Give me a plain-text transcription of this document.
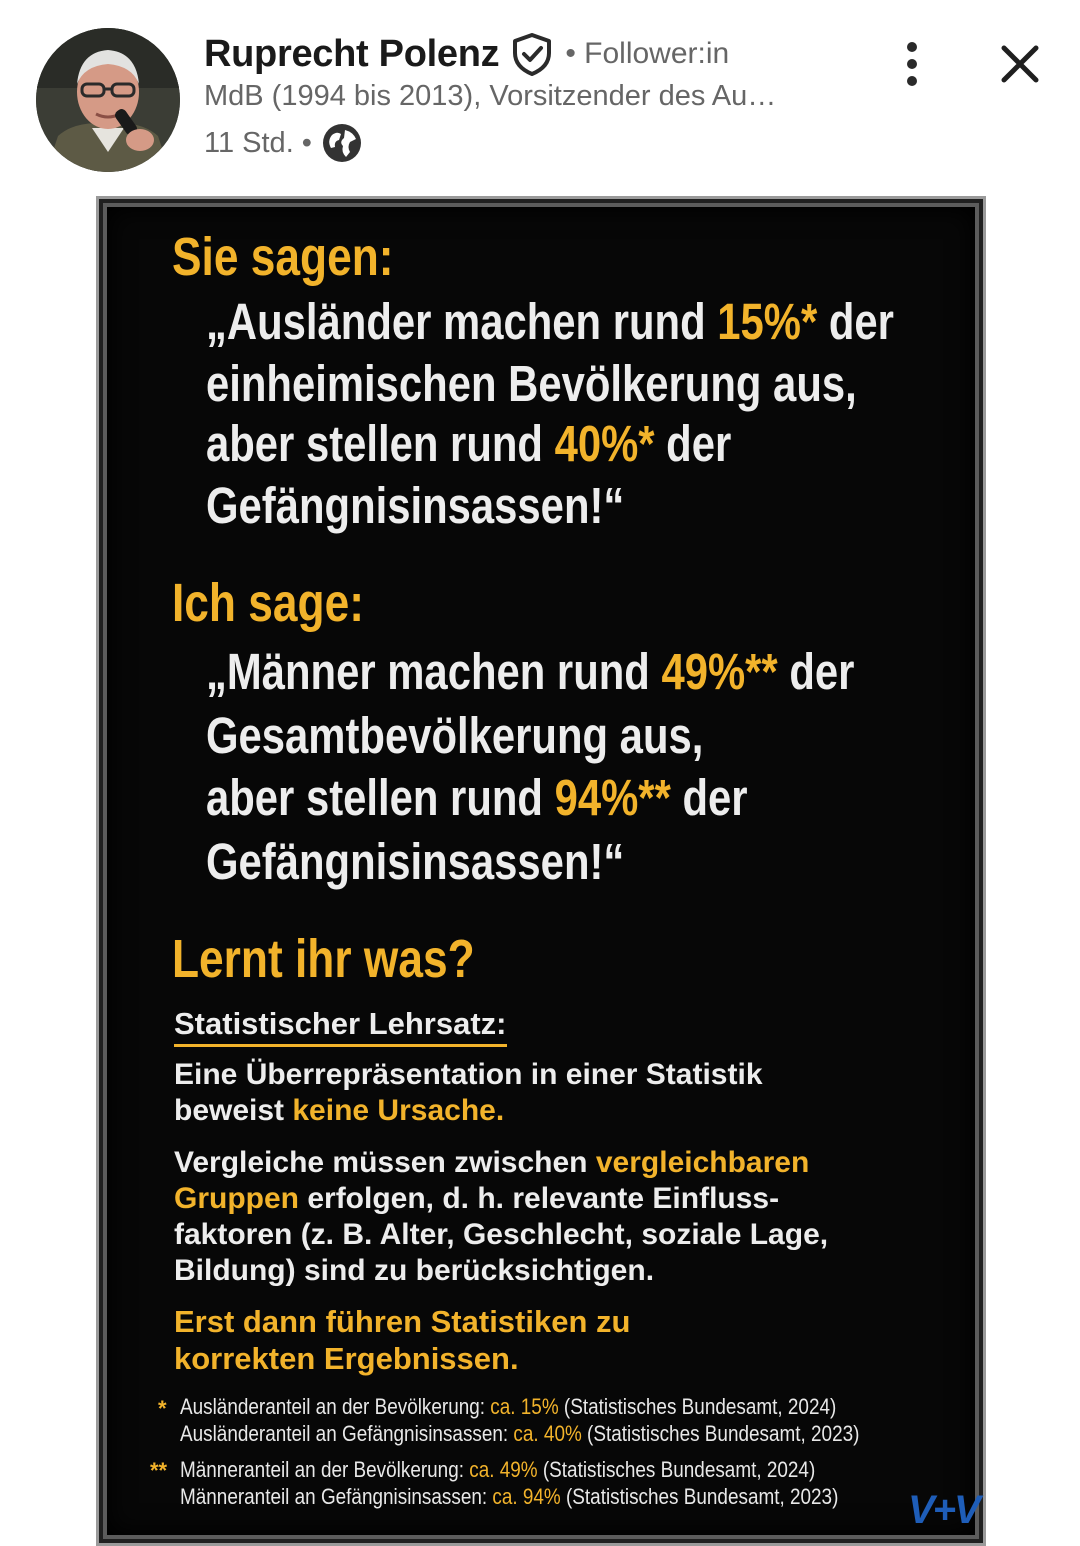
Ruprecht Polenz • Follower:in
MdB (1994 bis 2013), Vorsitzender des Au…
11 Std. •
Sie sagen:
„Ausländer machen rund 15%* der
einheimischen Bevölkerung aus,
aber stellen rund 40%* der
Gefängnisinsassen!“
Ich sage:
„Männer machen rund 49%** der
Gesamtbevölkerung aus,
aber stellen rund 94%** der
Gefängnisinsassen!“
Lernt ihr was?
Statistischer Lehrsatz:
Eine Überrepräsentation in einer Statistik
beweist keine Ursache.
Vergleiche müssen zwischen vergleichbaren
Gruppen erfolgen, d. h. relevante Einfluss-
faktoren (z. B. Alter, Geschlecht, soziale Lage,
Bildung) sind zu berücksichtigen.
Erst dann führen Statistiken zu
korrekten Ergebnissen.
* Ausländeranteil an der Bevölkerung: ca. 15% (Statistisches Bundesamt, 2024)
Ausländeranteil an Gefängnisinsassen: ca. 40% (Statistisches Bundesamt, 2023)
** Männeranteil an der Bevölkerung: ca. 49% (Statistisches Bundesamt, 2024)
Männeranteil an Gefängnisinsassen: ca. 94% (Statistisches Bundesamt, 2023) V+V
